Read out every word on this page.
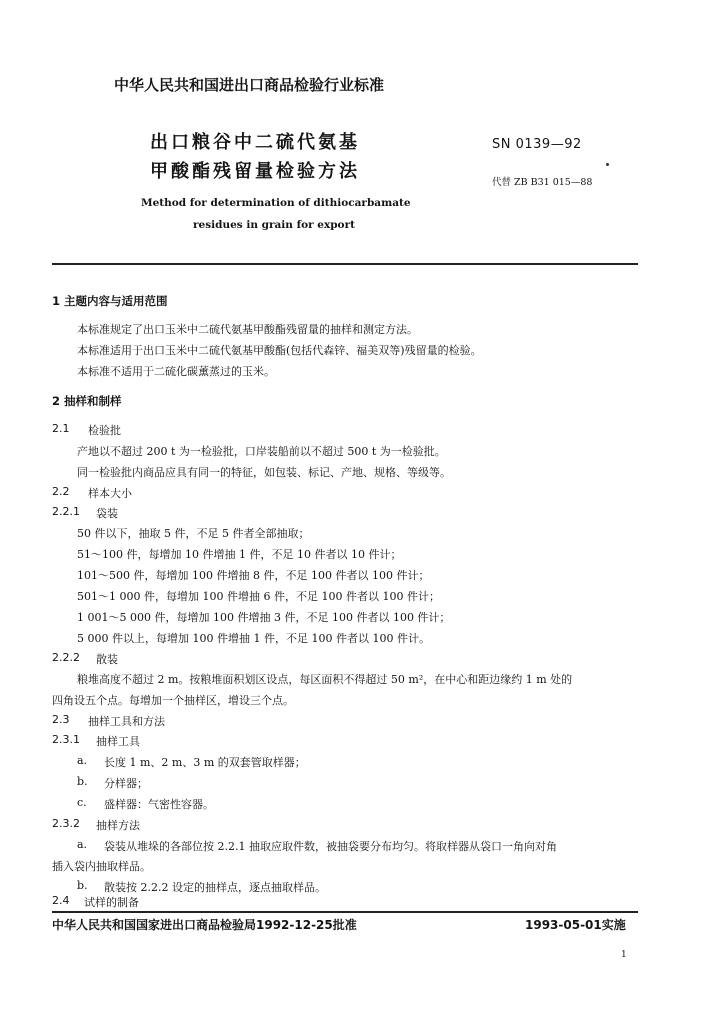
中华人民共和国进出口商品检验行业标准
出口粮谷中二硫代氨基
甲酸酯残留量检验方法
SN 0139—92
代替 ZB B31 015—88
Method for determination of dithiocarbamate
residues in grain for export
1 主题内容与适用范围
本标准规定了出口玉米中二硫代氨基甲酸酯残留量的抽样和测定方法。
本标准适用于出口玉米中二硫代氨基甲酸酯(包括代森锌、福美双等)残留量的检验。
本标准不适用于二硫化碳薰蒸过的玉米。
2 抽样和制样
2.1 检验批
产地以不超过 200 t 为一检验批，口岸装船前以不超过 500 t 为一检验批。
同一检验批内商品应具有同一的特征，如包装、标记、产地、规格、等级等。
2.2 样本大小
2.2.1 袋装
50 件以下，抽取 5 件，不足 5 件者全部抽取；
51～100 件，每增加 10 件增抽 1 件，不足 10 件者以 10 件计；
101～500 件，每增加 100 件增抽 8 件，不足 100 件者以 100 件计；
501～1 000 件，每增加 100 件增抽 6 件，不足 100 件者以 100 件计；
1 001～5 000 件，每增加 100 件增抽 3 件，不足 100 件者以 100 件计；
5 000 件以上，每增加 100 件增抽 1 件，不足 100 件者以 100 件计。
2.2.2 散装
粮堆高度不超过 2 m。按粮堆面积划区设点，每区面积不得超过 50 m²，在中心和距边缘约 1 m 处的
四角设五个点。每增加一个抽样区，增设三个点。
2.3 抽样工具和方法
2.3.1 抽样工具
a. 长度 1 m、2 m、3 m 的双套管取样器；
b. 分样器；
c. 盛样器：气密性容器。
2.3.2 抽样方法
a. 袋装从堆垛的各部位按 2.2.1 抽取应取件数，被抽袋要分布均匀。将取样器从袋口一角向对角
插入袋内抽取样品。
b. 散装按 2.2.2 设定的抽样点，逐点抽取样品。
2.4 试样的制备
中华人民共和国国家进出口商品检验局1992-12-25批准	1993-05-01实施
1
